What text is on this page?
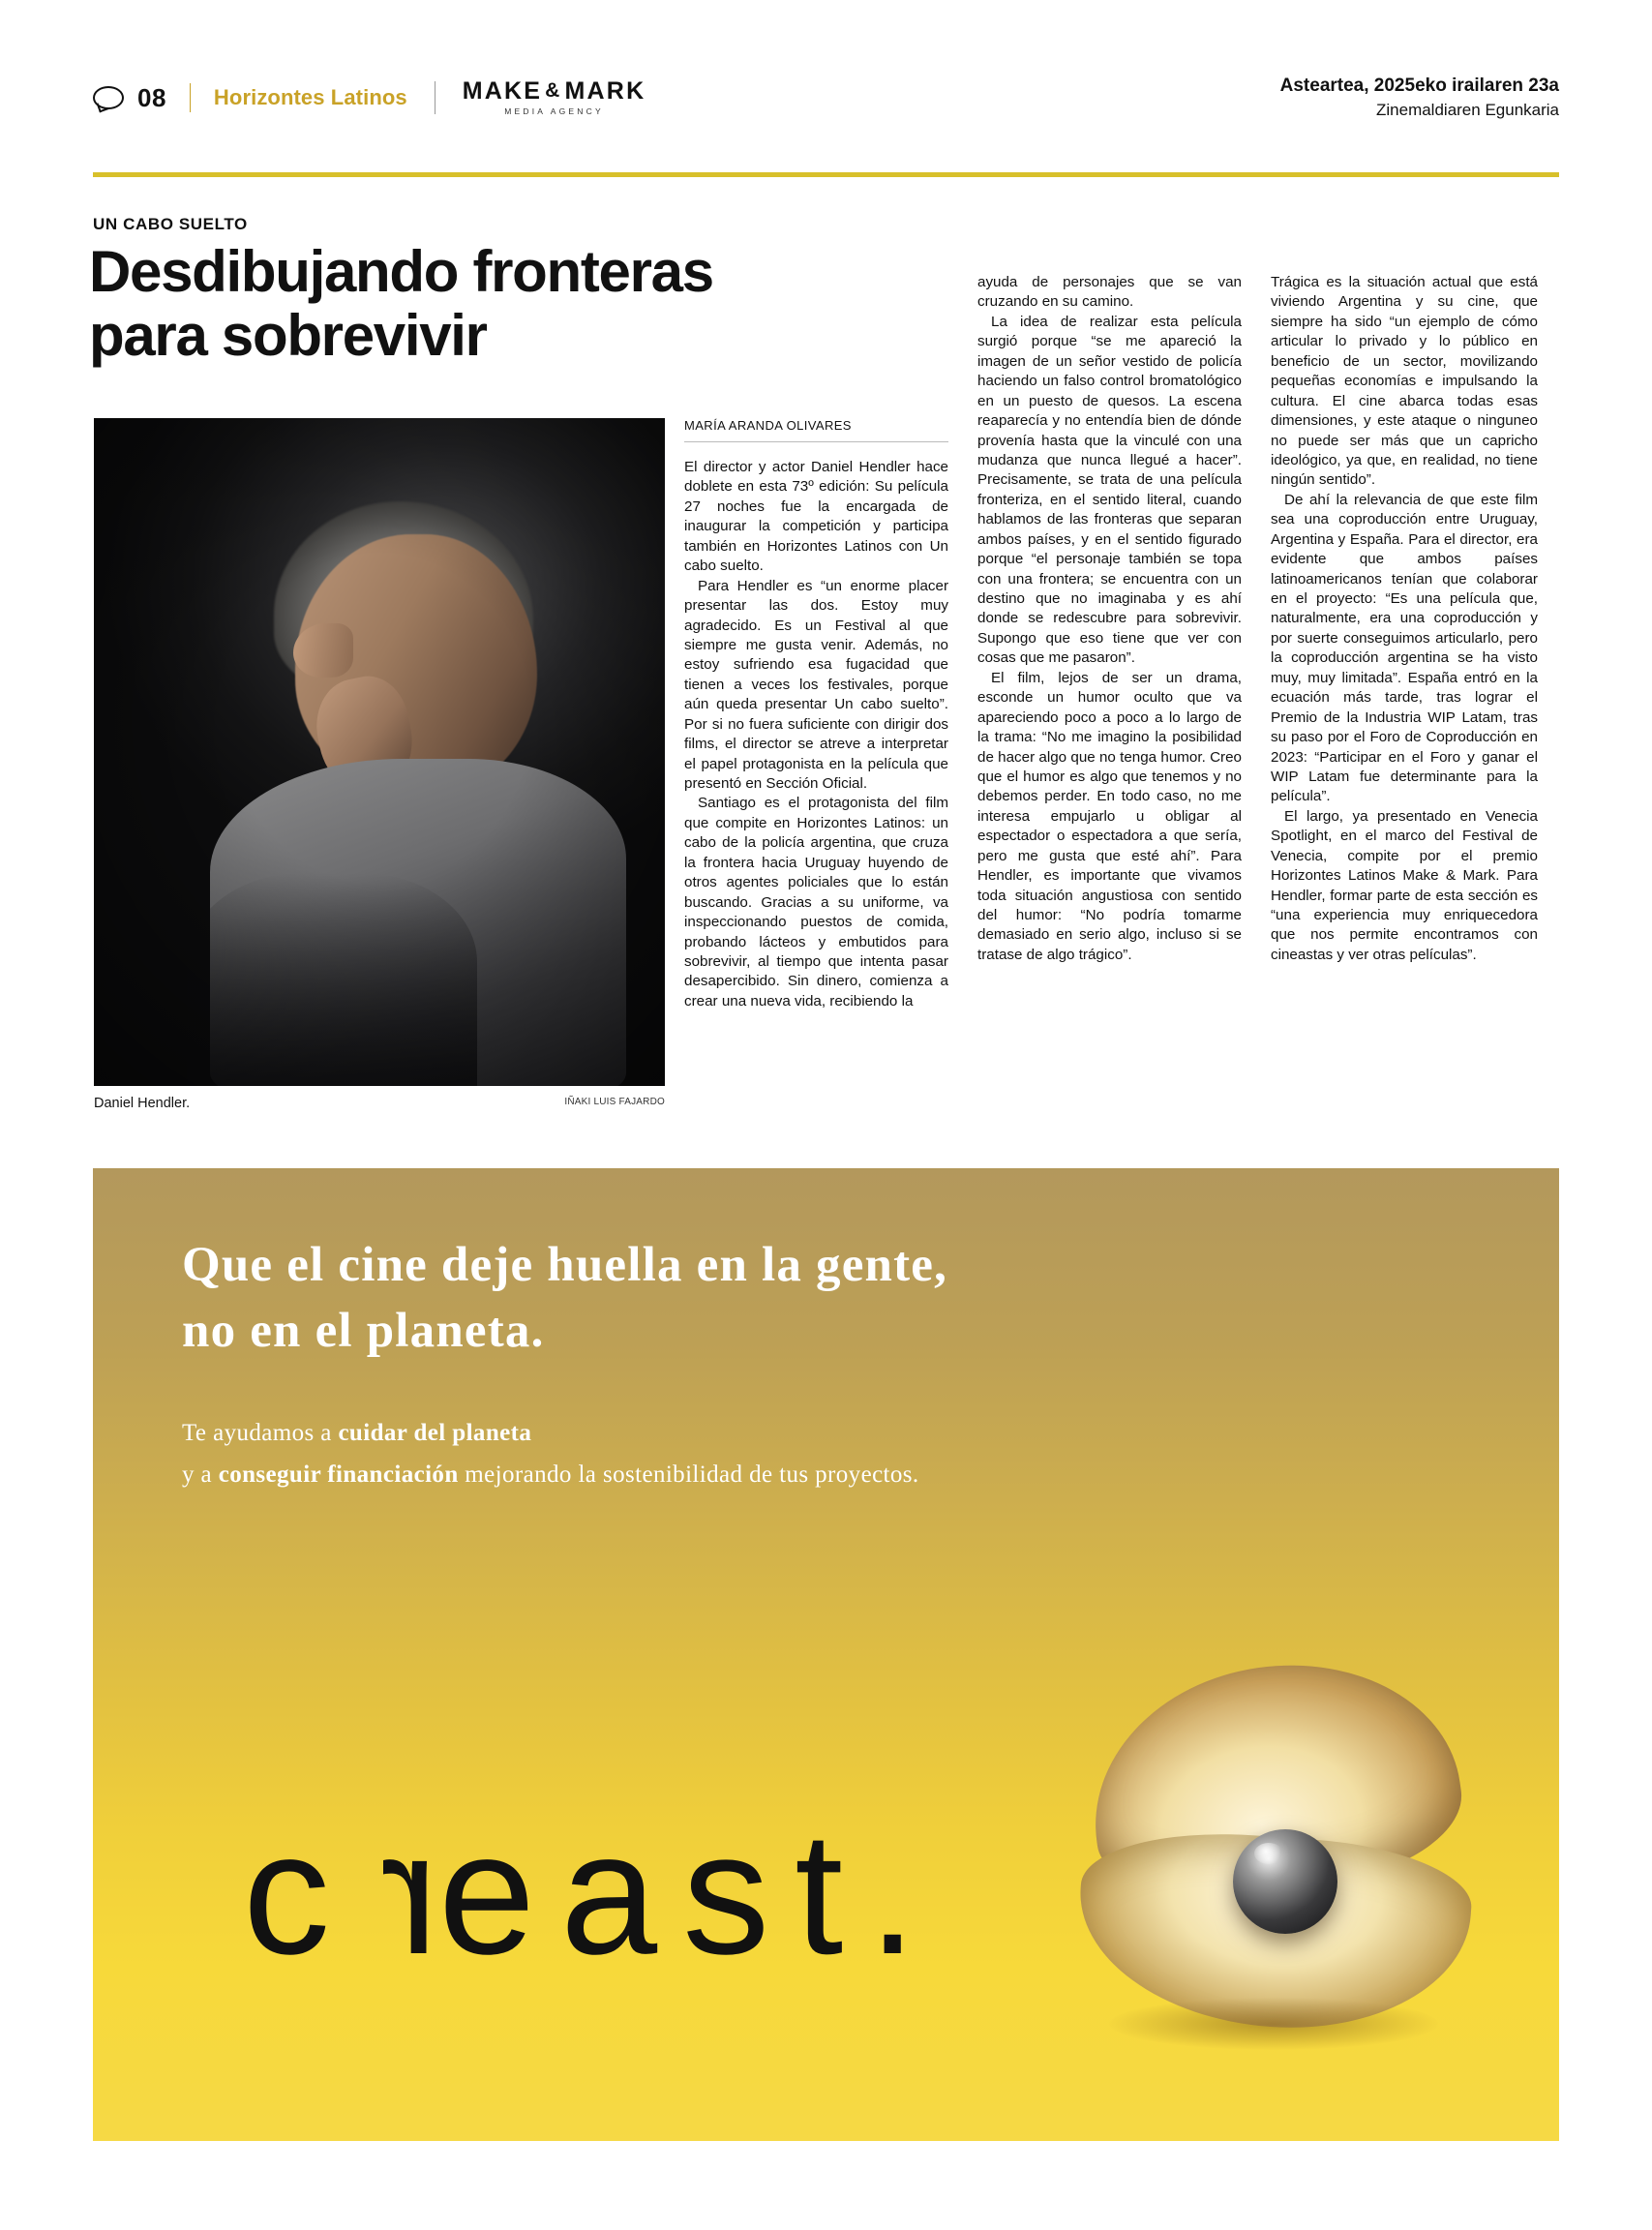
08 Horizontes Latinos MAKE & MARK
MEDIA AGENCY
Asteartea, 2025eko irailaren 23a
Zinemaldiaren Egunkaria
UN CABO SUELTO
Desdibujando fronteras
para sobrevivir
Daniel Hendler.	IÑAKI LUIS FAJARDO
MARÍA ARANDA OLIVARES

El director y actor Daniel Hendler hace doblete en esta 73º edición: Su película 27 noches fue la encargada de inaugurar la competición y participa también en Horizontes Latinos con Un cabo suelto.

Para Hendler es “un enorme placer presentar las dos. Estoy muy agradecido. Es un Festival al que siempre me gusta venir. Además, no estoy sufriendo esa fugacidad que tienen a veces los festivales, porque aún queda presentar Un cabo suelto”. Por si no fuera suficiente con dirigir dos films, el director se atreve a interpretar el papel protagonista en la película que presentó en Sección Oficial.

Santiago es el protagonista del film que compite en Horizontes Latinos: un cabo de la policía argentina, que cruza la frontera hacia Uruguay huyendo de otros agentes policiales que lo están buscando. Gracias a su uniforme, va inspeccionando puestos de comida, probando lácteos y embutidos para sobrevivir, al tiempo que intenta pasar desapercibido. Sin dinero, comienza a crear una nueva vida, recibiendo la

ayuda de personajes que se van cruzando en su camino.

La idea de realizar esta película surgió porque “se me apareció la imagen de un señor vestido de policía haciendo un falso control bromatológico en un puesto de quesos. La escena reaparecía y no entendía bien de dónde provenía hasta que la vinculé con una mudanza que nunca llegué a hacer”. Precisamente, se trata de una película fronteriza, en el sentido literal, cuando hablamos de las fronteras que separan ambos países, y en el sentido figurado porque “el personaje también se topa con una frontera; se encuentra con un destino que no imaginaba y es ahí donde se redescubre para sobrevivir. Supongo que eso tiene que ver con cosas que me pasaron”.

El film, lejos de ser un drama, esconde un humor oculto que va apareciendo poco a poco a lo largo de la trama: “No me imagino la posibilidad de hacer algo que no tenga humor. Creo que el humor es algo que tenemos y no debemos perder. En todo caso, no me interesa empujarlo u obligar al espectador o espectadora a que sería, pero me gusta que esté ahí”. Para Hendler, es importante que vivamos toda situación angustiosa con sentido del humor: “No podría tomarme demasiado en serio algo, incluso si se tratase de algo trágico”.

Trágica es la situación actual que está viviendo Argentina y su cine, que siempre ha sido “un ejemplo de cómo articular lo privado y lo público en beneficio de un sector, movilizando pequeñas economías e impulsando la cultura. El cine abarca todas esas dimensiones, y este ataque o ninguneo no puede ser más que un capricho ideológico, ya que, en realidad, no tiene ningún sentido”.

De ahí la relevancia de que este film sea una coproducción entre Uruguay, Argentina y España. Para el director, era evidente que ambos países latinoamericanos tenían que colaborar en el proyecto: “Es una película que, naturalmente, era una coproducción y por suerte conseguimos articularlo, pero la coproducción argentina se ha visto muy, muy limitada”. España entró en la ecuación más tarde, tras lograr el Premio de la Industria WIP Latam, tras su paso por el Foro de Coproducción en 2023: “Participar en el Foro y ganar el WIP Latam fue determinante para la película”.

El largo, ya presentado en Venecia Spotlight, en el marco del Festival de Venecia, compite por el premio Horizontes Latinos Make & Mark. Para Hendler, formar parte de esta sección es “una experiencia muy enriquecedora que nos permite encontramos con cineastas y ver otras películas”.

Que el cine deje huella en la gente,
no en el planeta.
Te ayudamos a cuidar del planeta
y a conseguir financiación mejorando la sostenibilidad de tus proyectos.
creast.
